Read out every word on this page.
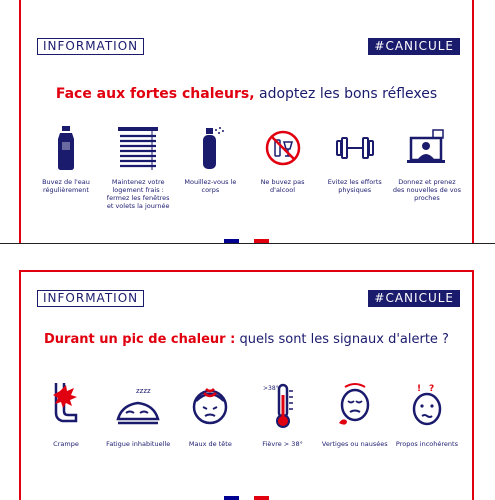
INFORMATION	#CANICULE
Face aux fortes chaleurs, adoptez les bons réflexes
Buvez de l'eau régulièrement
Maintenez votre logement frais : fermez les fenêtres et volets la journée
Mouillez-vous le corps
Ne buvez pas d'alcool
Evitez les efforts physiques
Donnez et prenez des nouvelles de vos proches
INFORMATION	#CANICULE
Durant un pic de chaleur : quels sont les signaux d'alerte ?
Crampe
zzzz
Fatigue inhabituelle	Maux de tête
>38°
Fièvre > 38°	Vertiges ou nausées
! ?
Propos incohérents
